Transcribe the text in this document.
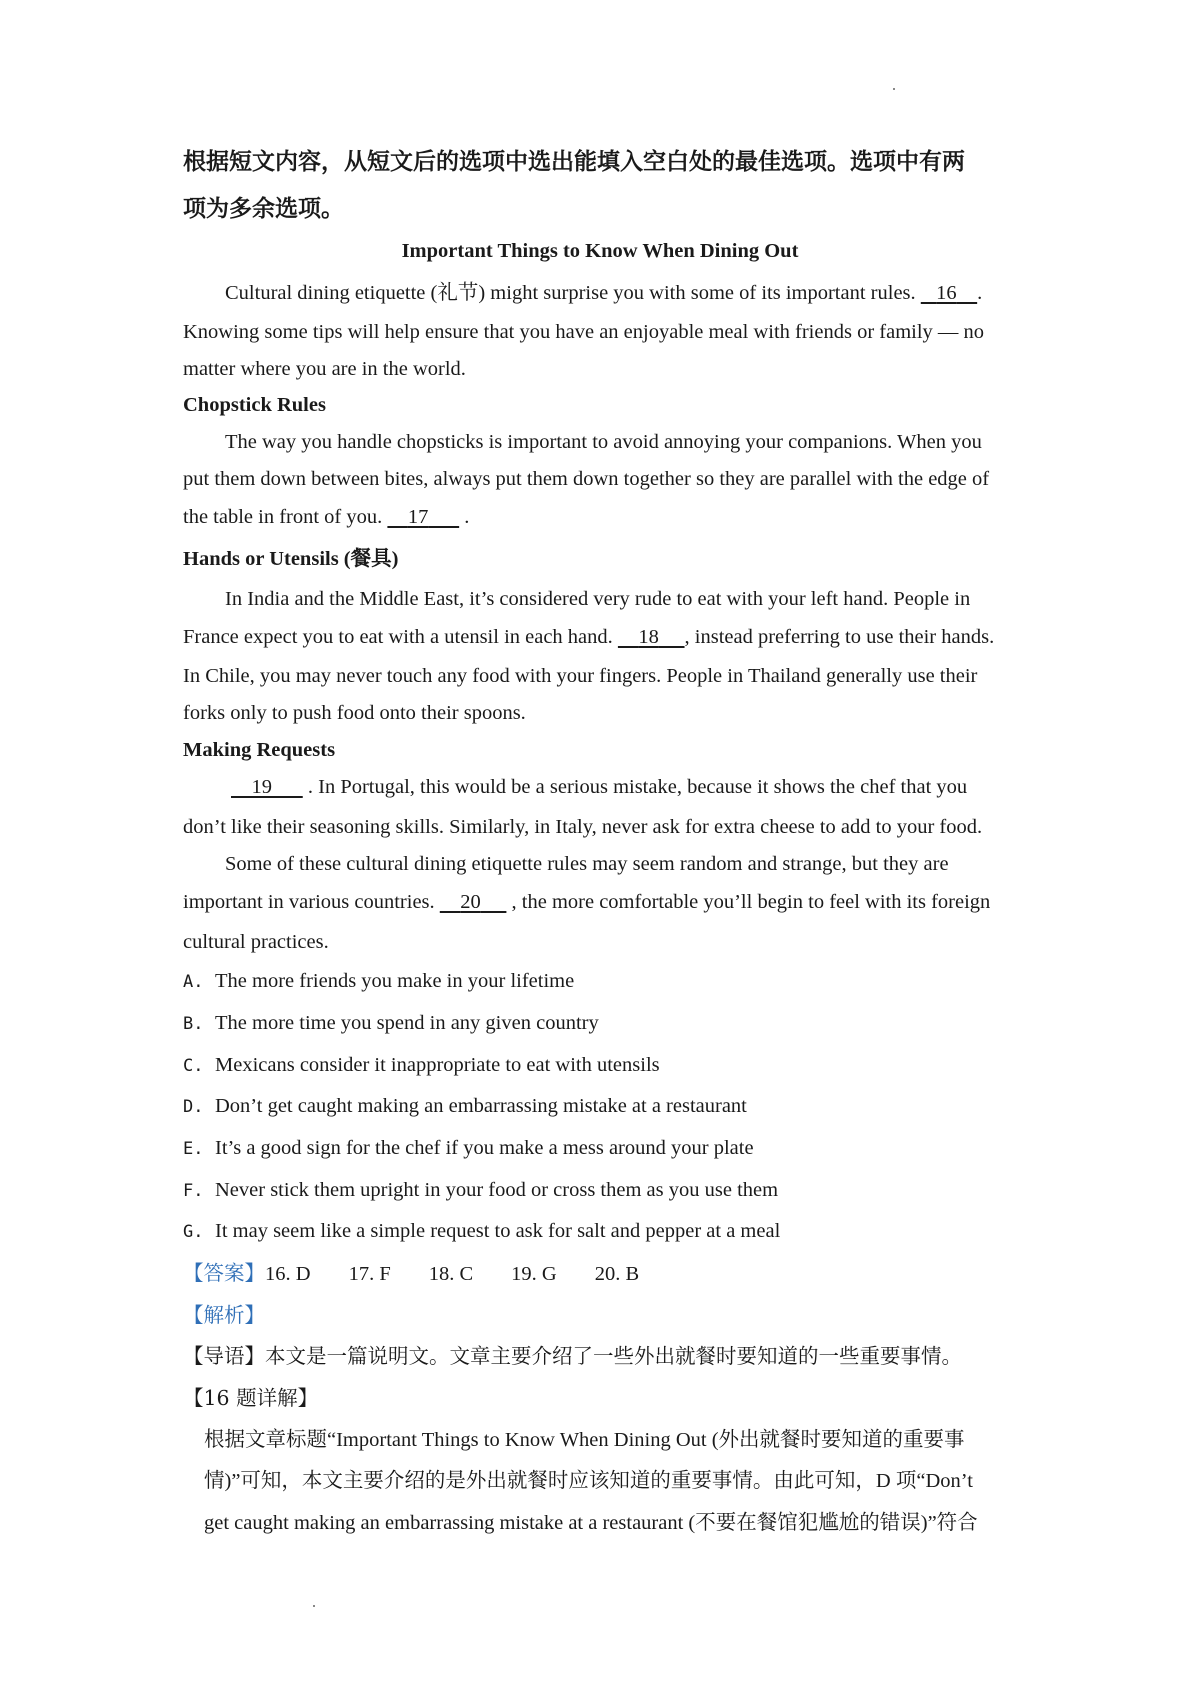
根据短文内容，从短文后的选项中选出能填入空白处的最佳选项。选项中有两
项为多余选项。
Important Things to Know When Dining Out
Cultural dining etiquette (礼节) might surprise you with some of its important rules.    16 .
Knowing some tips will help ensure that you have an enjoyable meal with friends or family — no
matter where you are in the world.
Chopstick Rules
The way you handle chopsticks is important to avoid annoying your companions. When you
put them down between bites, always put them down together so they are parallel with the edge of
the table in front of you.     17       .
Hands or Utensils (餐具)
In India and the Middle East, it’s considered very rude to eat with your left hand. People in
France expect you to eat with a utensil in each hand.     18 , instead preferring to use their hands.
In Chile, you may never touch any food with your fingers. People in Thailand generally use their
forks only to push food onto their spoons.
Making Requests
19       . In Portugal, this would be a serious mistake, because it shows the chef that you
don’t like their seasoning skills. Similarly, in Italy, never ask for extra cheese to add to your food.
Some of these cultural dining etiquette rules may seem random and strange, but they are
important in various countries.     20      , the more comfortable you’ll begin to feel with its foreign
cultural practices.
A. The more friends you make in your lifetime
B. The more time you spend in any given country
C. Mexicans consider it inappropriate to eat with utensils
D. Don’t get caught making an embarrassing mistake at a restaurant
E. It’s a good sign for the chef if you make a mess around your plate
F. Never stick them upright in your food or cross them as you use them
G. It may seem like a simple request to ask for salt and pepper at a meal
【答案】16. D 17. F 18. C 19. G 20. B
【解析】
【导语】本文是一篇说明文。文章主要介绍了一些外出就餐时要知道的一些重要事情。
【16 题详解】
根据文章标题“Important Things to Know When Dining Out (外出就餐时要知道的重要事
情)”可知，本文主要介绍的是外出就餐时应该知道的重要事情。由此可知，D 项“Don’t
get caught making an embarrassing mistake at a restaurant (不要在餐馆犯尴尬的错误)”符合
